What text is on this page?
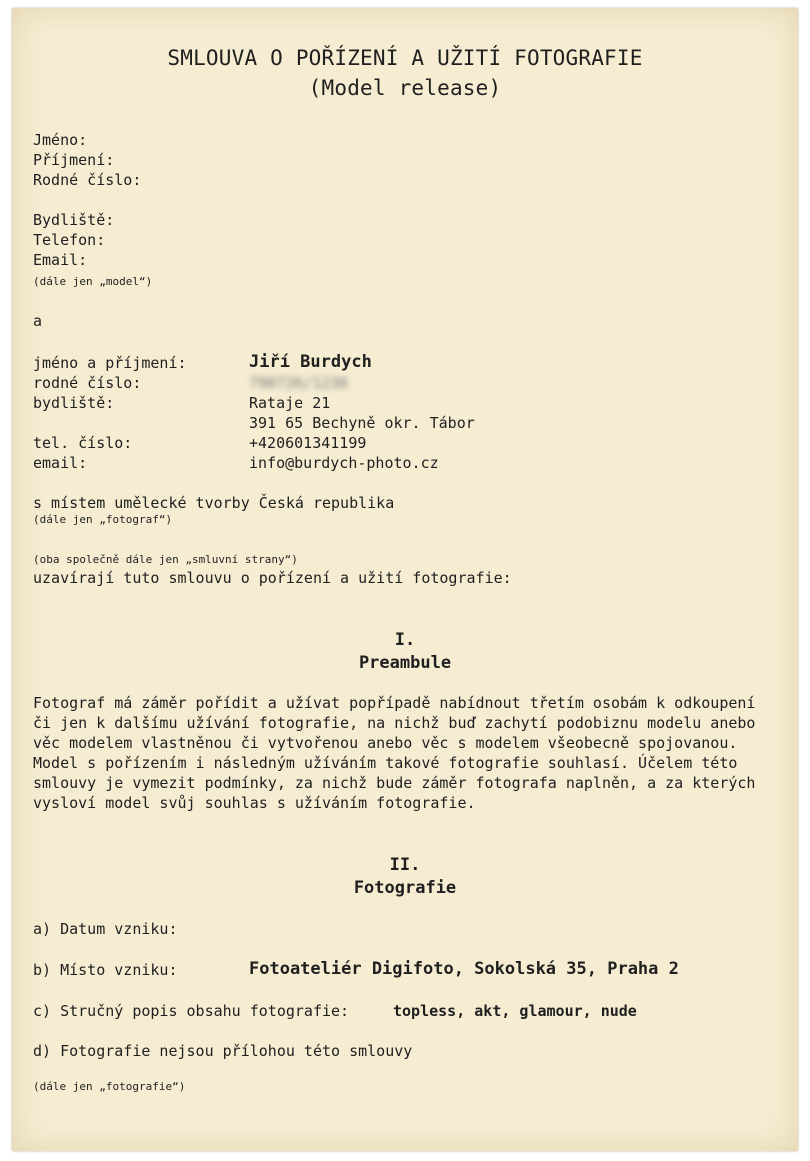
SMLOUVA O POŘÍZENÍ A UŽITÍ FOTOGRAFIE
(Model release)
Jméno:
Příjmení:
Rodné číslo:
Bydliště:
Telefon:
Email:
(dále jen „model“)
a
jméno a příjmení:	Jiří Burdych
rodné číslo:	790726/1236
bydliště:	Rataje 21
391 65 Bechyně okr. Tábor
tel. číslo:	+420601341199
email:	info@burdych-photo.cz
s místem umělecké tvorby Česká republika
(dále jen „fotograf“)
(oba společně dále jen „smluvní strany“)
uzavírají tuto smlouvu o pořízení a užití fotografie:
I.
Preambule
Fotograf má záměr pořídit a užívat popřípadě nabídnout třetím osobám k odkoupení
či jen k dalšímu užívání fotografie, na nichž buď zachytí podobiznu modelu anebo
věc modelem vlastněnou či vytvořenou anebo věc s modelem všeobecně spojovanou.
Model s pořízením i následným užíváním takové fotografie souhlasí. Účelem této
smlouvy je vymezit podmínky, za nichž bude záměr fotografa naplněn, a za kterých
vysloví model svůj souhlas s užíváním fotografie.
II.
Fotografie
a) Datum vzniku:
b) Místo vzniku:	Fotoateliér Digifoto, Sokolská 35, Praha 2
c) Stručný popis obsahu fotografie:	topless, akt, glamour, nude
d) Fotografie nejsou přílohou této smlouvy
(dále jen „fotografie“)
